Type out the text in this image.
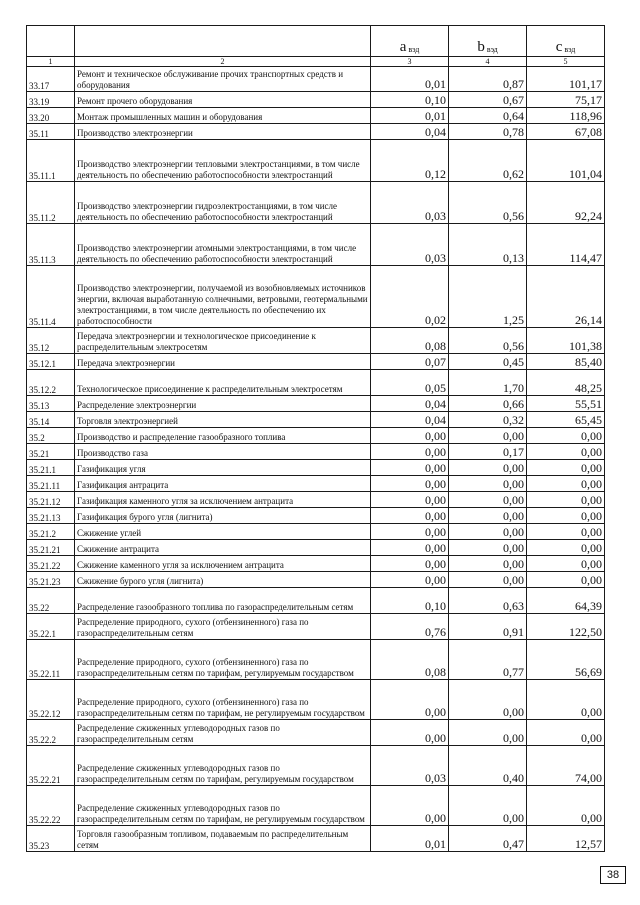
		a $_{вэд}$	b $_{вэд}$	c $_{вэд}$
1	2	3	4	5
33.17	Ремонт и техническое обслуживание прочих транспортных средств и оборудования	0,01	0,87	101,17
33.19	Ремонт прочего оборудования	0,10	0,67	75,17
33.20	Монтаж промышленных машин и оборудования	0,01	0,64	118,96
35.11	Производство электроэнергии	0,04	0,78	67,08
35.11.1	Производство электроэнергии тепловыми электростанциями, в том числе деятельность по обеспечению работоспособности электростанций	0,12	0,62	101,04
35.11.2	Производство электроэнергии гидроэлектростанциями, в том числе деятельность по обеспечению работоспособности электростанций	0,03	0,56	92,24
35.11.3	Производство электроэнергии атомными электростанциями, в том числе деятельность по обеспечению работоспособности электростанций	0,03	0,13	114,47
35.11.4	Производство электроэнергии, получаемой из возобновляемых источников энергии, включая выработанную солнечными, ветровыми, геотермальными электростанциями, в том числе деятельность по обеспечению их работоспособности	0,02	1,25	26,14
35.12	Передача электроэнергии и технологическое присоединение к распределительным электросетям	0,08	0,56	101,38
35.12.1	Передача электроэнергии	0,07	0,45	85,40
35.12.2	Технологическое присоединение к распределительным электросетям	0,05	1,70	48,25
35.13	Распределение электроэнергии	0,04	0,66	55,51
35.14	Торговля электроэнергией	0,04	0,32	65,45
35.2	Производство и распределение газообразного топлива	0,00	0,00	0,00
35.21	Производство газа	0,00	0,17	0,00
35.21.1	Газификация угля	0,00	0,00	0,00
35.21.11	Газификация антрацита	0,00	0,00	0,00
35.21.12	Газификация каменного угля за исключением антрацита	0,00	0,00	0,00
35.21.13	Газификация бурого угля (лигнита)	0,00	0,00	0,00
35.21.2	Сжижение углей	0,00	0,00	0,00
35.21.21	Сжижение антрацита	0,00	0,00	0,00
35.21.22	Сжижение каменного угля за исключением антрацита	0,00	0,00	0,00
35.21.23	Сжижение бурого угля (лигнита)	0,00	0,00	0,00
35.22	Распределение газообразного топлива по газораспределительным сетям	0,10	0,63	64,39
35.22.1	Распределение природного, сухого (отбензиненного) газа по газораспределительным сетям	0,76	0,91	122,50
35.22.11	Распределение природного, сухого (отбензиненного) газа по газораспределительным сетям по тарифам, регулируемым государством	0,08	0,77	56,69
35.22.12	Распределение природного, сухого (отбензиненного) газа по газораспределительным сетям по тарифам, не регулируемым государством	0,00	0,00	0,00
35.22.2	Распределение сжиженных углеводородных газов по газораспределительным сетям	0,00	0,00	0,00
35.22.21	Распределение сжиженных углеводородных газов по газораспределительным сетям по тарифам, регулируемым государством	0,03	0,40	74,00
35.22.22	Распределение сжиженных углеводородных газов по газораспределительным сетям по тарифам, не регулируемым государством	0,00	0,00	0,00
35.23	Торговля газообразным топливом, подаваемым по распределительным сетям	0,01	0,47	12,57
38
